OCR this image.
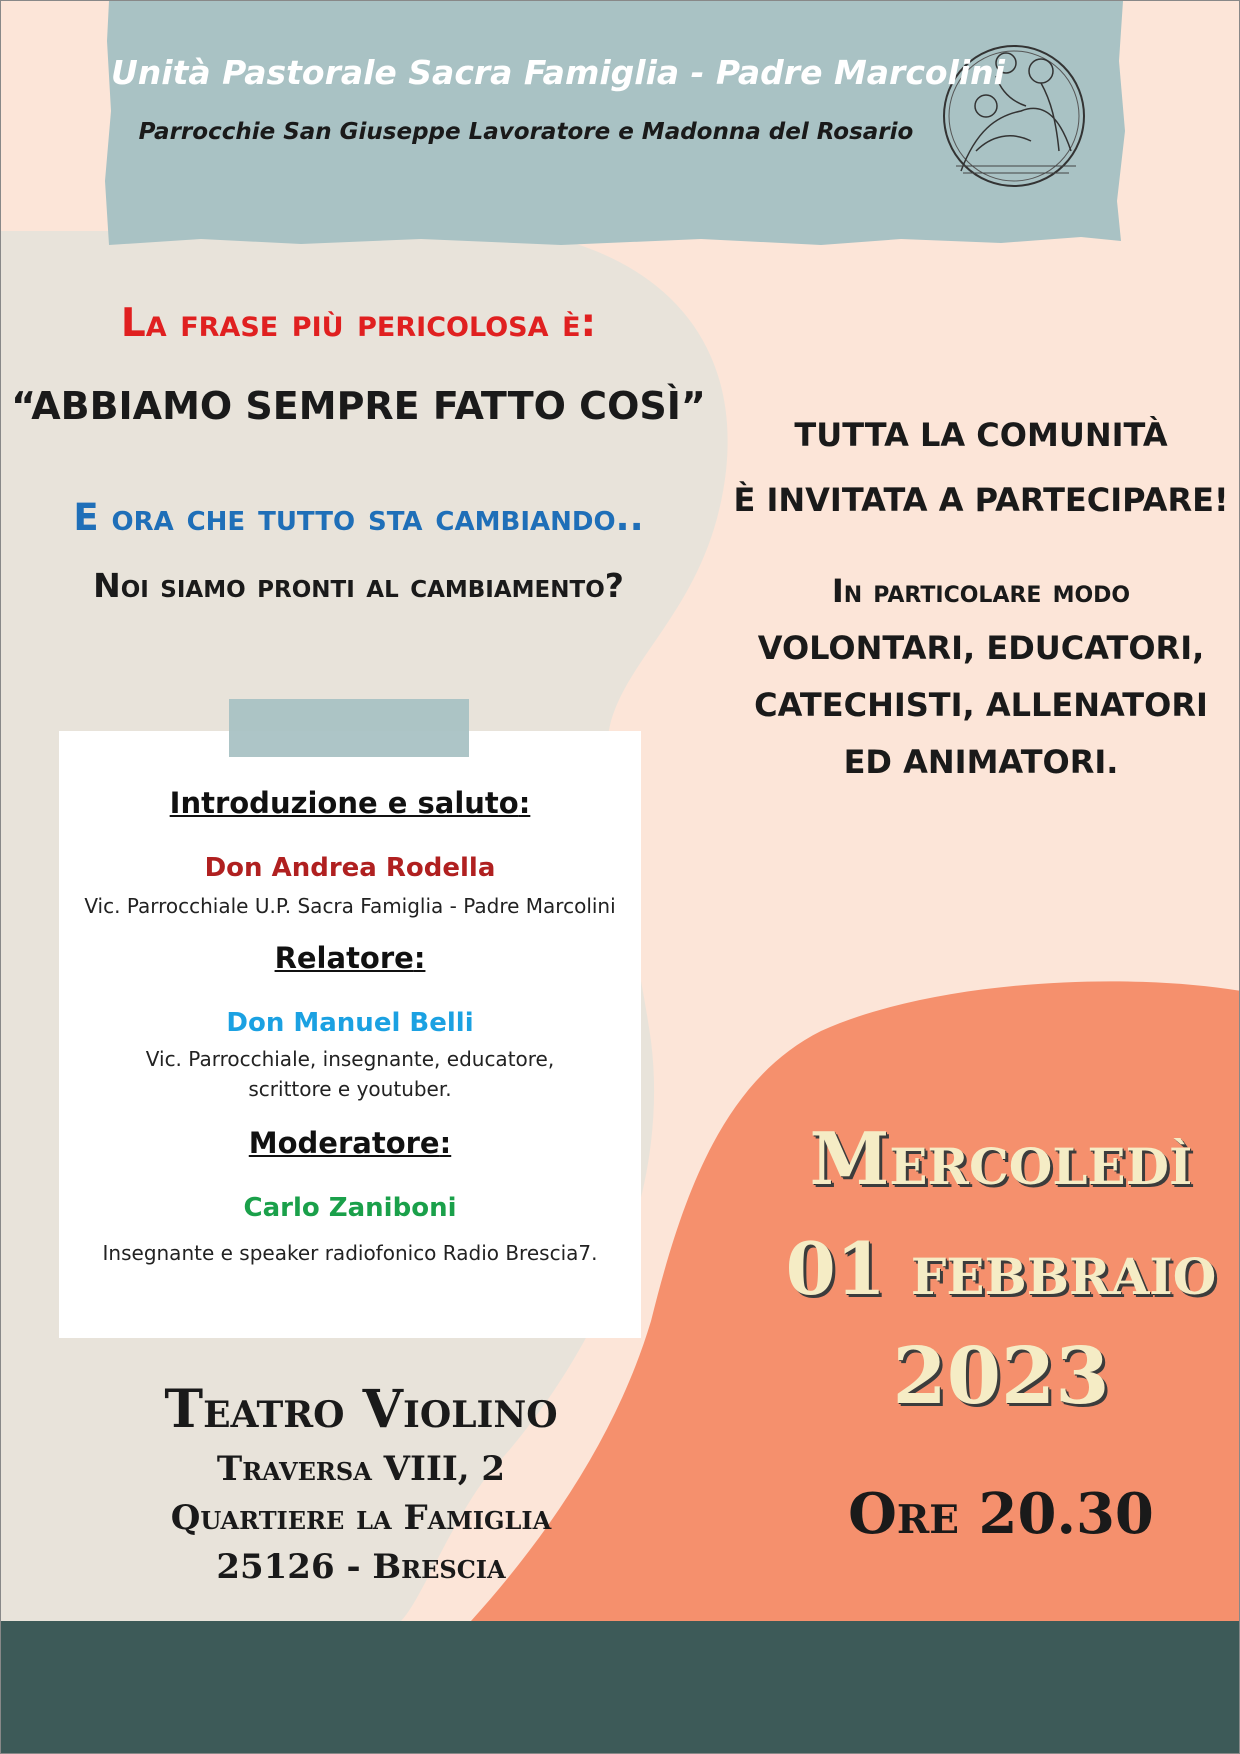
Unità Pastorale Sacra Famiglia - Padre Marcolini

Parrocchie San Giuseppe Lavoratore e Madonna del Rosario

La frase più pericolosa è:

“ABBIAMO SEMPRE FATTO COSÌ”

E ora che tutto sta cambiando..

Noi siamo pronti al cambiamento?

TUTTA LA COMUNITÀ

È INVITATA A PARTECIPARE!

In particolare modo
VOLONTARI, EDUCATORI,
CATECHISTI, ALLENATORI
ED ANIMATORI.
Introduzione e saluto:
Don Andrea Rodella
Vic. Parrocchiale U.P. Sacra Famiglia - Padre Marcolini
Relatore:
Don Manuel Belli
Vic. Parrocchiale, insegnante, educatore,
scrittore e youtuber.
Moderatore:
Carlo Zaniboni
Insegnante e speaker radiofonico Radio Brescia7.
Teatro Violino
Traversa VIII, 2
Quartiere la Famiglia
25126 - Brescia
Mercoledì
01 febbraio
2023
Ore 20.30
